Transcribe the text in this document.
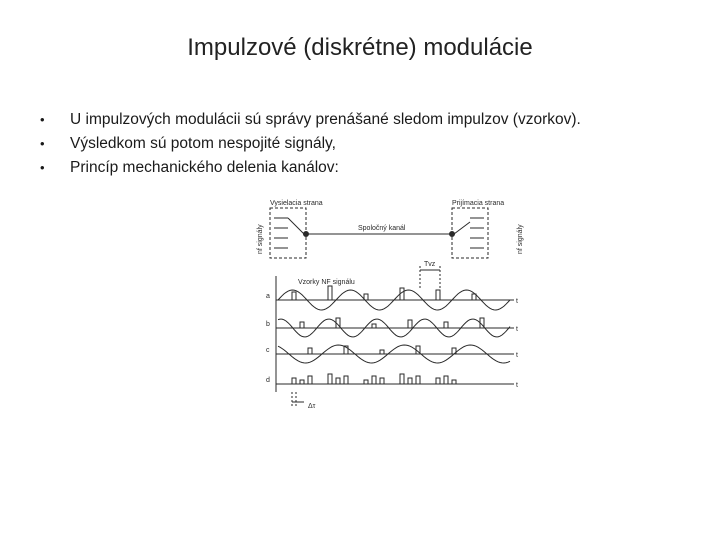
Impulzové (diskrétne) modulácie
• U impulzových modulácii sú správy prenášané sledom impulzov (vzorkov).
• Výsledkom sú potom nespojité signály,
• Princíp mechanického delenia kanálov:
Vysielacia strana	Prijímacia strana
Spoločný kanál
nf signály	nf signály
Vzorky NF signálu
Tvz
Δτ
t
t
t
t
a
b
c
d
